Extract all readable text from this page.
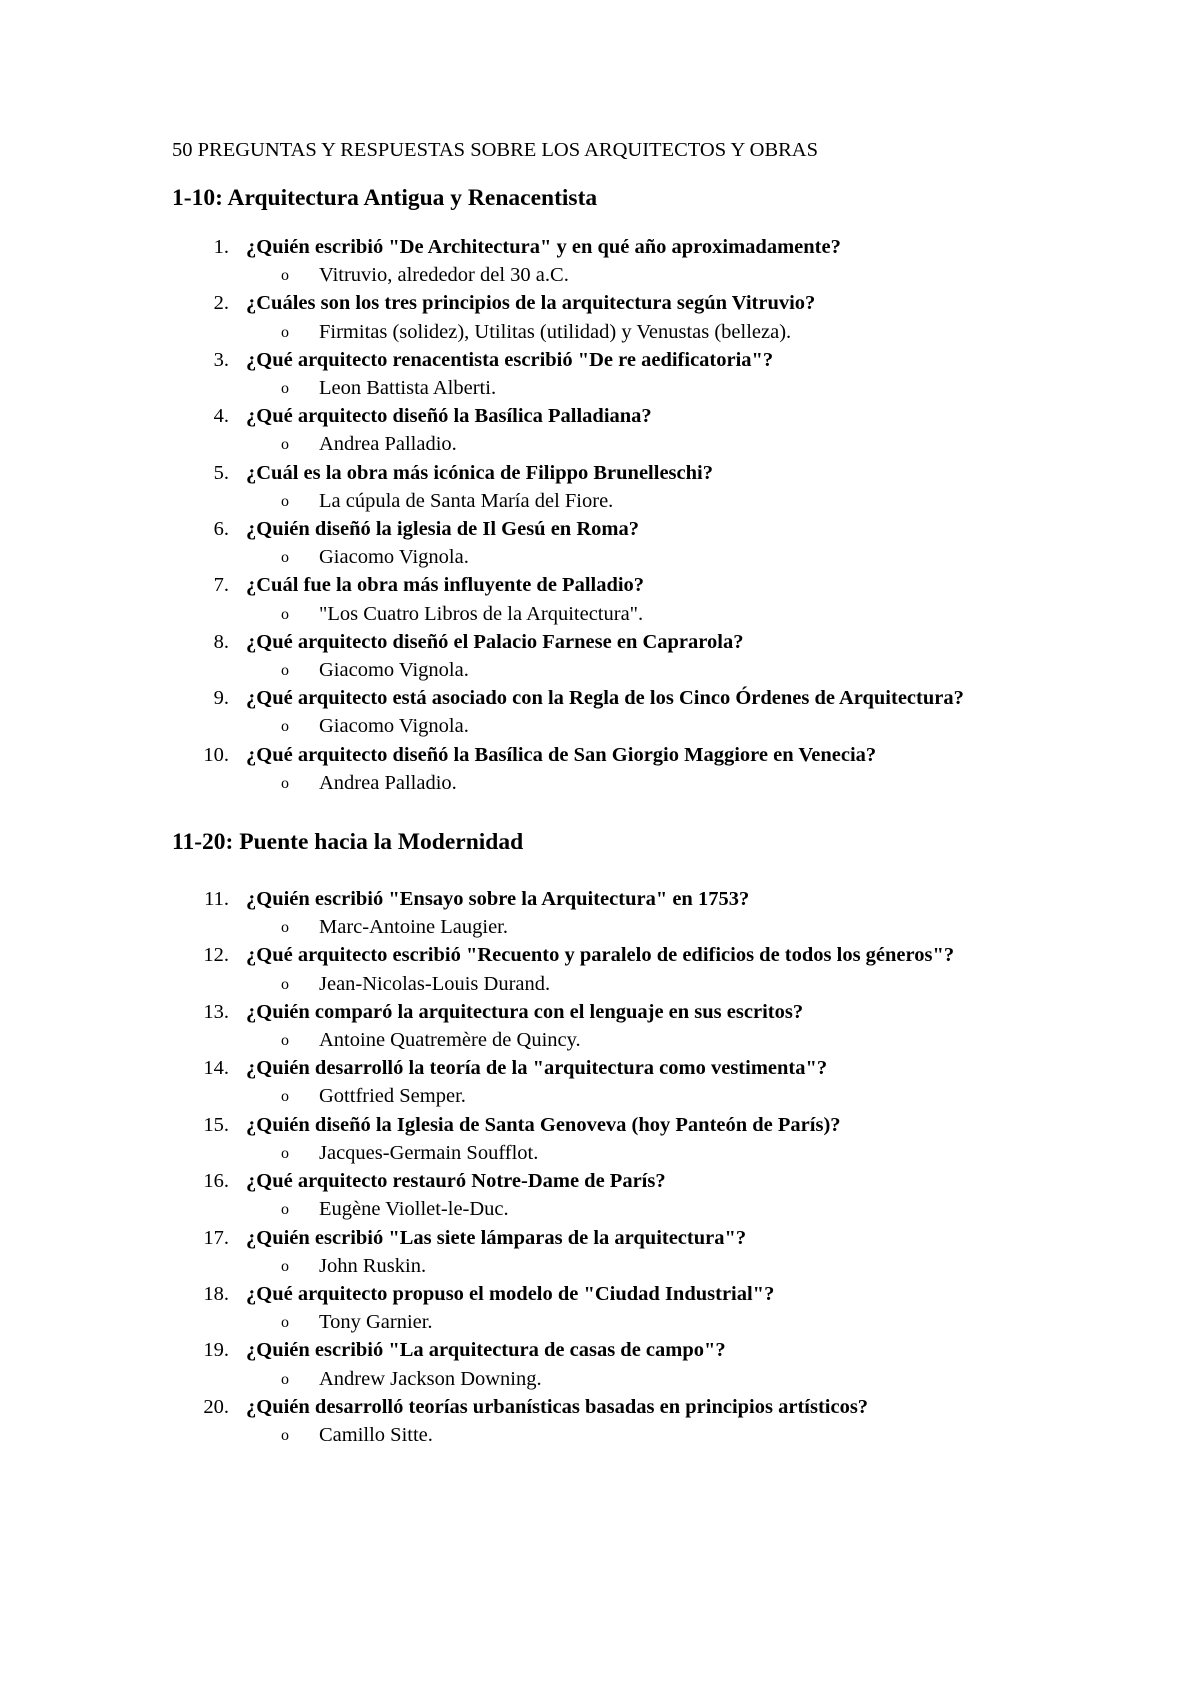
50 PREGUNTAS Y RESPUESTAS SOBRE LOS ARQUITECTOS Y OBRAS
1-10: Arquitectura Antigua y Renacentista
1. ¿Quién escribió "De Architectura" y en qué año aproximadamente?
o Vitruvio, alrededor del 30 a.C.
2. ¿Cuáles son los tres principios de la arquitectura según Vitruvio?
o Firmitas (solidez), Utilitas (utilidad) y Venustas (belleza).
3. ¿Qué arquitecto renacentista escribió "De re aedificatoria"?
o Leon Battista Alberti.
4. ¿Qué arquitecto diseñó la Basílica Palladiana?
o Andrea Palladio.
5. ¿Cuál es la obra más icónica de Filippo Brunelleschi?
o La cúpula de Santa María del Fiore.
6. ¿Quién diseñó la iglesia de Il Gesú en Roma?
o Giacomo Vignola.
7. ¿Cuál fue la obra más influyente de Palladio?
o "Los Cuatro Libros de la Arquitectura".
8. ¿Qué arquitecto diseñó el Palacio Farnese en Caprarola?
o Giacomo Vignola.
9. ¿Qué arquitecto está asociado con la Regla de los Cinco Órdenes de Arquitectura?
o Giacomo Vignola.
10. ¿Qué arquitecto diseñó la Basílica de San Giorgio Maggiore en Venecia?
o Andrea Palladio.
11-20: Puente hacia la Modernidad
11. ¿Quién escribió "Ensayo sobre la Arquitectura" en 1753?
o Marc-Antoine Laugier.
12. ¿Qué arquitecto escribió "Recuento y paralelo de edificios de todos los géneros"?
o Jean-Nicolas-Louis Durand.
13. ¿Quién comparó la arquitectura con el lenguaje en sus escritos?
o Antoine Quatremère de Quincy.
14. ¿Quién desarrolló la teoría de la "arquitectura como vestimenta"?
o Gottfried Semper.
15. ¿Quién diseñó la Iglesia de Santa Genoveva (hoy Panteón de París)?
o Jacques-Germain Soufflot.
16. ¿Qué arquitecto restauró Notre-Dame de París?
o Eugène Viollet-le-Duc.
17. ¿Quién escribió "Las siete lámparas de la arquitectura"?
o John Ruskin.
18. ¿Qué arquitecto propuso el modelo de "Ciudad Industrial"?
o Tony Garnier.
19. ¿Quién escribió "La arquitectura de casas de campo"?
o Andrew Jackson Downing.
20. ¿Quién desarrolló teorías urbanísticas basadas en principios artísticos?
o Camillo Sitte.
